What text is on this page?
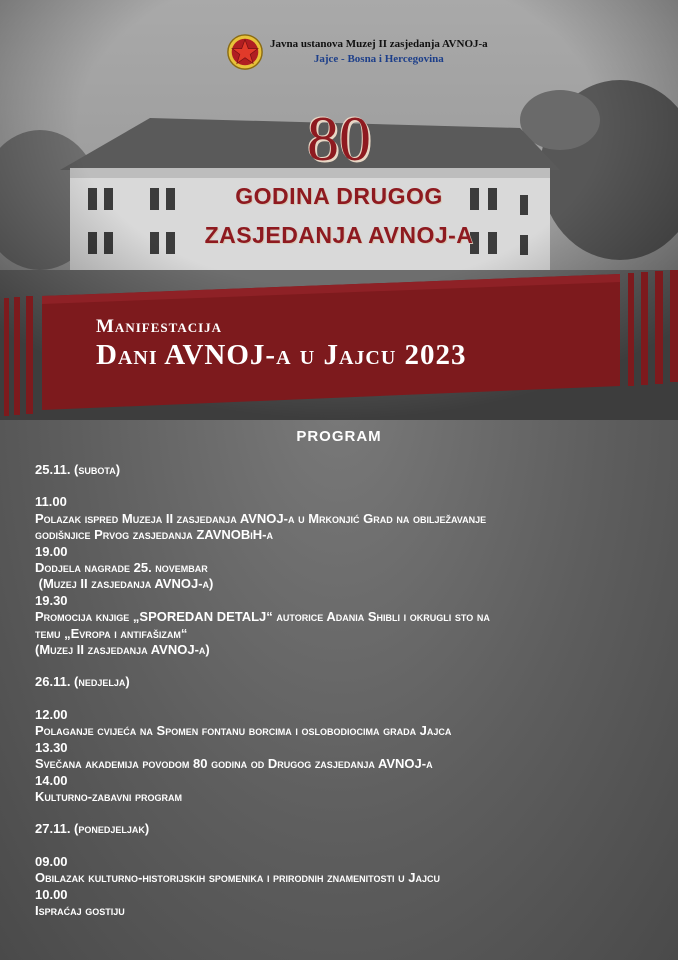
Javna ustanova Muzej II zasjedanja AVNOJ-a
Jajce - Bosna i Hercegovina
80
GODINA DRUGOG
ZASJEDANJA AVNOJ-A
Manifestacija
Dani AVNOJ-a u Jajcu 2023
PROGRAM

25.11. (subota)

11.00

Polazak ispred Muzeja II zasjedanja AVNOJ-a u Mrkonjić Grad na obilježavanje

godišnjice Prvog zasjedanja ZAVNOBiH-a

19.00

Dodjela nagrade 25. novembar

(Muzej II zasjedanja AVNOJ-a)

19.30

Promocija knjige „SPOREDAN DETALJ“ autorice Adania Shibli i okrugli sto na

temu „Evropa i antifašizam“

(Muzej II zasjedanja AVNOJ-a)

26.11. (nedjelja)

12.00

Polaganje cvijeća na Spomen fontanu borcima i oslobodiocima grada Jajca

13.30

Svečana akademija povodom 80 godina od Drugog zasjedanja AVNOJ-a

14.00

Kulturno-zabavni program

27.11. (ponedjeljak)

09.00

Obilazak kulturno-historijskih spomenika i prirodnih znamenitosti u Jajcu

10.00

Ispraćaj gostiju
